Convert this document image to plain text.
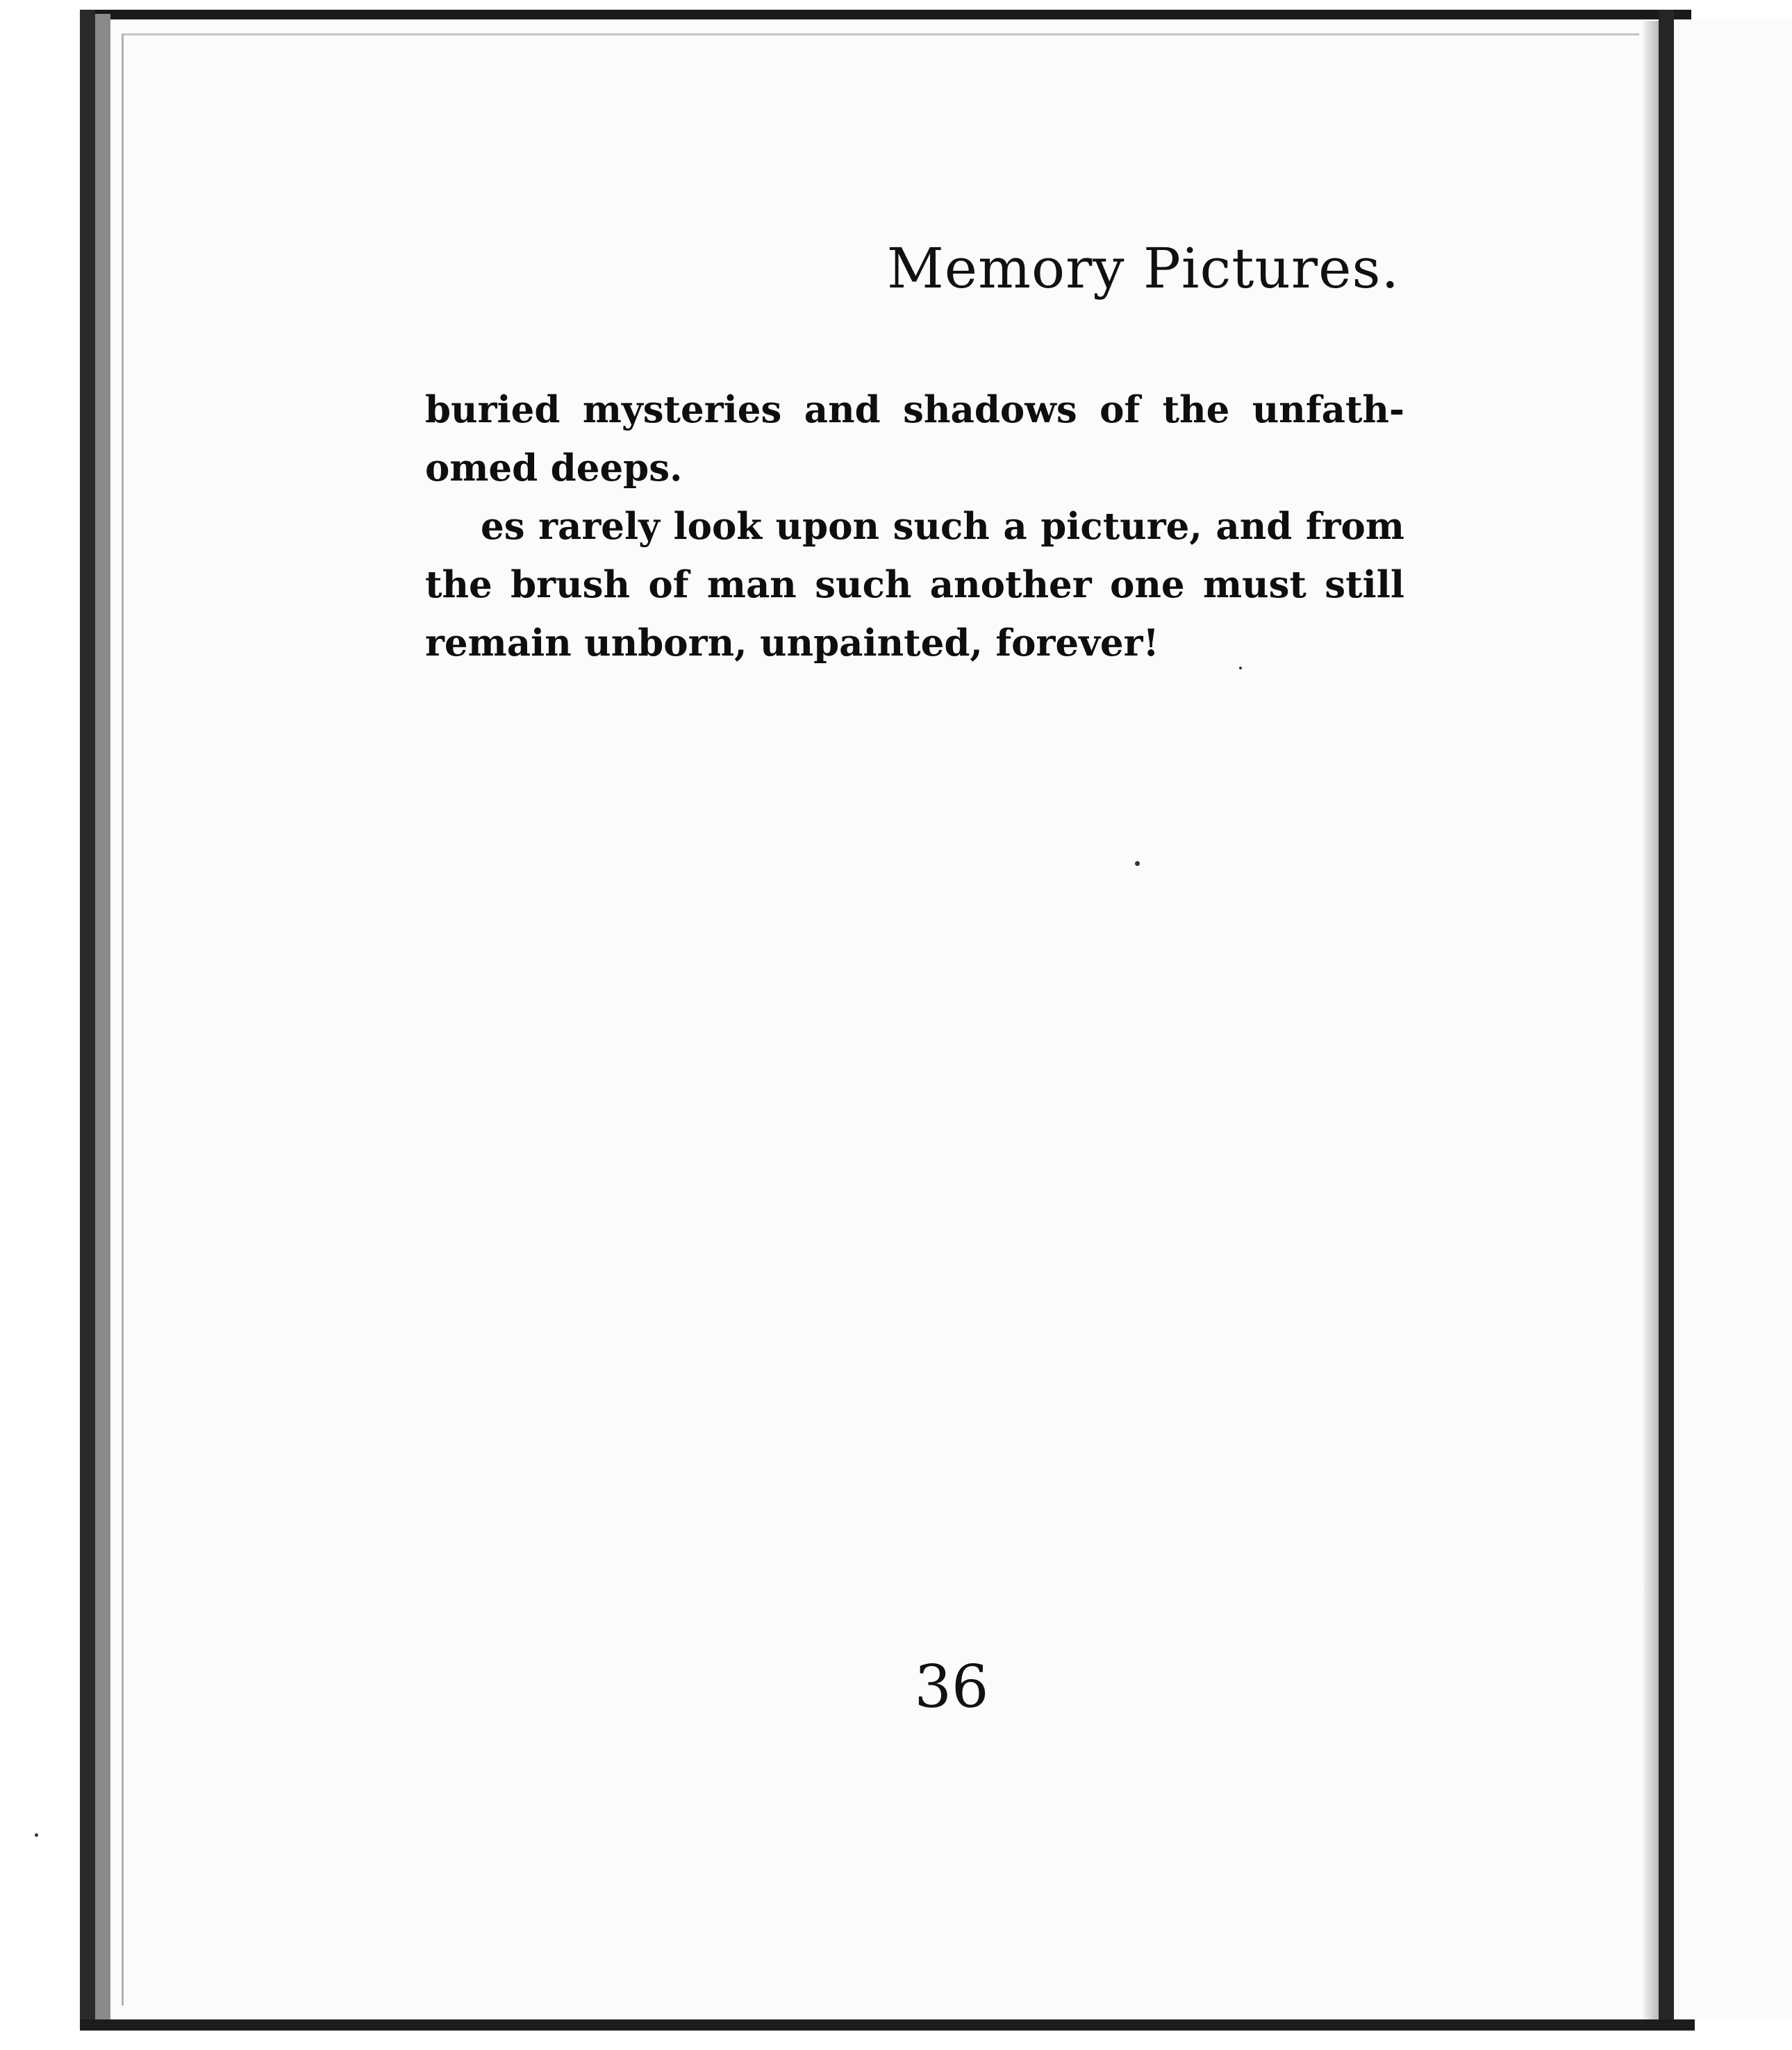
Memory Pictures.

buried mysteries and shadows of the unfath- omed deeps.

es rarely look upon such a picture, and from the brush of man such another one must still remain unborn, unpainted, forever!

36
